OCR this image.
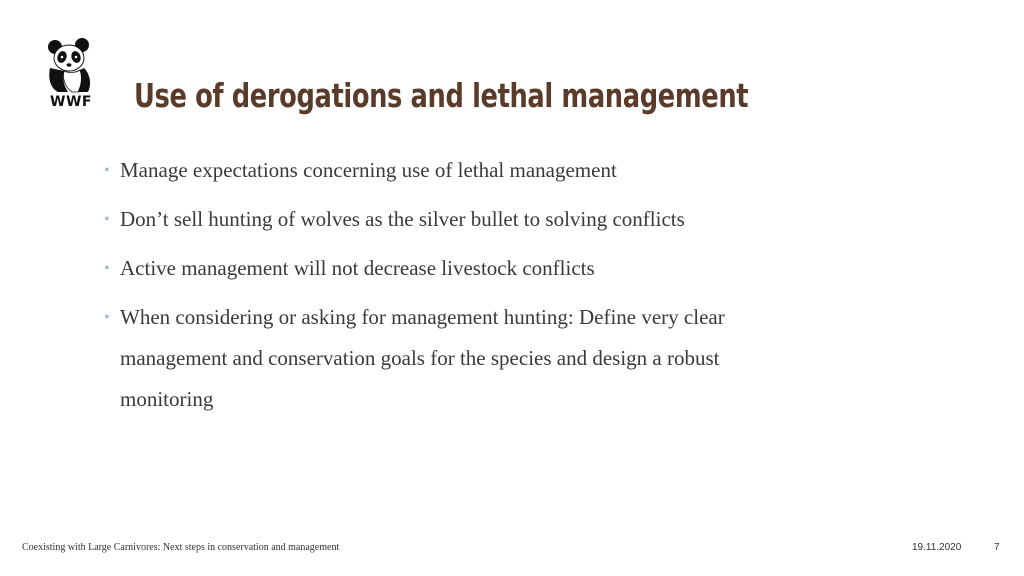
WWF Use of derogations and lethal management
• Manage expectations concerning use of lethal management
• Don’t sell hunting of wolves as the silver bullet to solving conflicts
• Active management will not decrease livestock conflicts
• When considering or asking for management hunting: Define very clear management and conservation goals for the species and design a robust monitoring
Coexisting with Large Carnivores: Next steps in conservation and management	19.11.2020	7
